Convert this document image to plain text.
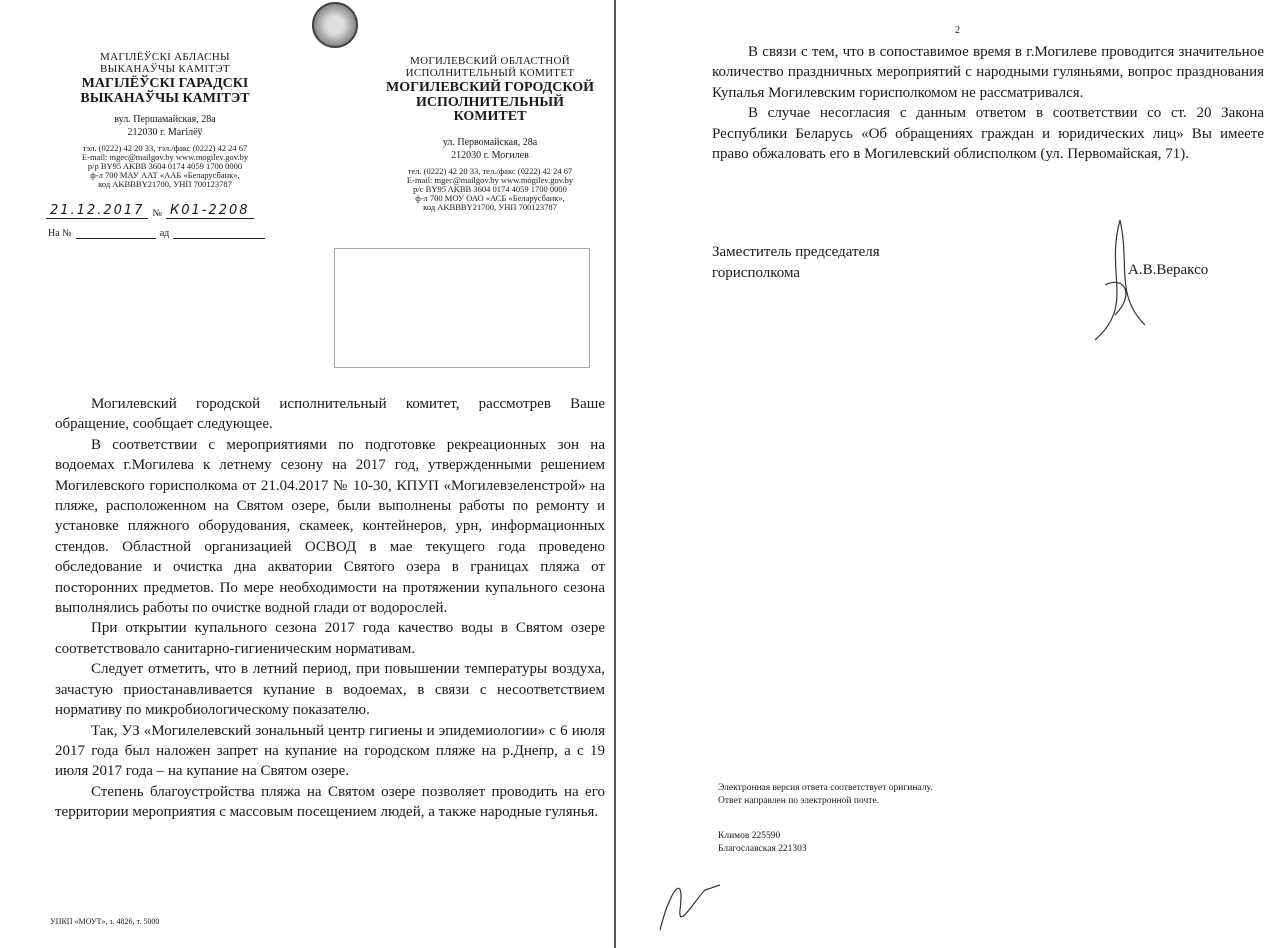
МАГІЛЁЎСКІ АБЛАСНЫ
ВЫКАНАЎЧЫ КАМІТЭТ
МАГІЛЁЎСКІ ГАРАДСКІ
ВЫКАНАЎЧЫ КАМІТЭТ
вул. Першамайская, 28а
212030 г. Магілёў
тэл. (0222) 42 20 33, тэл./факс (0222) 42 24 67
E-mail: mgec@mailgov.by www.mogilev.gov.by
р/р BY95 AKBB 3604 0174 4059 1700 0000
ф-л 700 МАУ ААТ «ААБ «Беларусбанк»,
код AKBBBY21700, УНП 700123787
МОГИЛЕВСКИЙ ОБЛАСТНОЙ
ИСПОЛНИТЕЛЬНЫЙ КОМИТЕТ
МОГИЛЕВСКИЙ ГОРОДСКОЙ
ИСПОЛНИТЕЛЬНЫЙ КОМИТЕТ
ул. Первомайская, 28а
212030 г. Могилев
тел. (0222) 42 20 33, тел./факс (0222) 42 24 67
E-mail: mgec@mailgov.by www.mogilev.gov.by
р/с BY95 AKBB 3604 0174 4059 1700 0000
ф-л 700 МОУ ОАО «АСБ «Беларусбанк»,
код AKBBBY21700, УНП 700123787
21.12.2017 № К01-2208
На №	ад

Могилевский городской исполнительный комитет, рассмотрев Ваше обращение, сообщает следующее.

В соответствии с мероприятиями по подготовке рекреационных зон на водоемах г.Могилева к летнему сезону на 2017 год, утвержденными решением Могилевского горисполкома от 21.04.2017 № 10-30, КПУП «Могилевзеленстрой» на пляже, расположенном на Святом озере, были выполнены работы по ремонту и установке пляжного оборудования, скамеек, контейнеров, урн, информационных стендов. Областной организацией ОСВОД в мае текущего года проведено обследование и очистка дна акватории Святого озера в границах пляжа от посторонних предметов. По мере необходимости на протяжении купального сезона выполнялись работы по очистке водной глади от водорослей.

При открытии купального сезона 2017 года качество воды в Святом озере соответствовало санитарно-гигиеническим нормативам.

Следует отметить, что в летний период, при повышении температуры воздуха, зачастую приостанавливается купание в водоемах, в связи с несоответствием нормативу по микробиологическому показателю.

Так, УЗ «Могилелевский зональный центр гигиены и эпидемиологии» с 6 июля 2017 года был наложен запрет на купание на городском пляже на р.Днепр, а с 19 июля 2017 года – на купание на Святом озере.

Степень благоустройства пляжа на Святом озере позволяет проводить на его территории мероприятия с массовым посещением людей, а также народные гулянья.

УПКП «МОУТ», з. 4826, т. 5000
2

В связи с тем, что в сопоставимое время в г.Могилеве проводится значительное количество праздничных мероприятий с народными гуляньями, вопрос празднования Купалья Могилевским горисполкомом не рассматривался.

В случае несогласия с данным ответом в соответствии со ст. 20 Закона Республики Беларусь «Об обращениях граждан и юридических лиц» Вы имеете право обжаловать его в Могилевский облисполком (ул. Первомайская, 71).

Заместитель председателя
горисполкома	А.В.Вераксо
Электронная версия ответа соответствует оригиналу.
Ответ направлен по электронной почте.
Климов 225590
Благославская 221303
